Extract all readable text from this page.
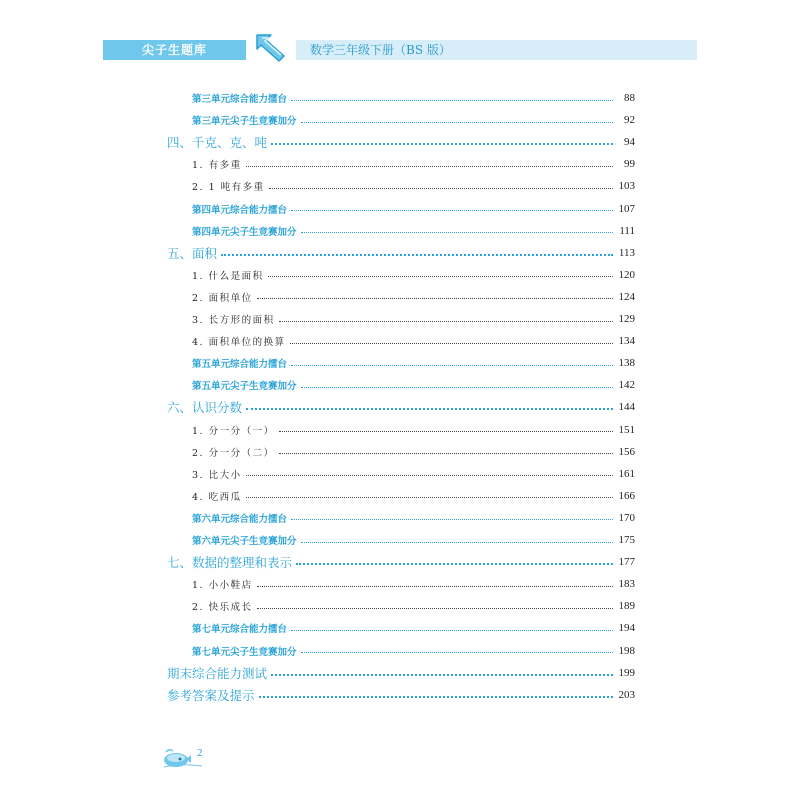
尖子生题库	数学三年级下册（BS 版）
第三单元综合能力擂台	88
第三单元尖子生竞赛加分	92
四、千克、克、吨	94
1. 有多重	99
2. 1 吨有多重	103
第四单元综合能力擂台	107
第四单元尖子生竞赛加分	111
五、面积	113
1. 什么是面积	120
2. 面积单位	124
3. 长方形的面积	129
4. 面积单位的换算	134
第五单元综合能力擂台	138
第五单元尖子生竞赛加分	142
六、认识分数	144
1. 分一分（一）	151
2. 分一分（二）	156
3. 比大小	161
4. 吃西瓜	166
第六单元综合能力擂台	170
第六单元尖子生竞赛加分	175
七、数据的整理和表示	177
1. 小小鞋店	183
2. 快乐成长	189
第七单元综合能力擂台	194
第七单元尖子生竞赛加分	198
期末综合能力测试	199
参考答案及提示	203
2
